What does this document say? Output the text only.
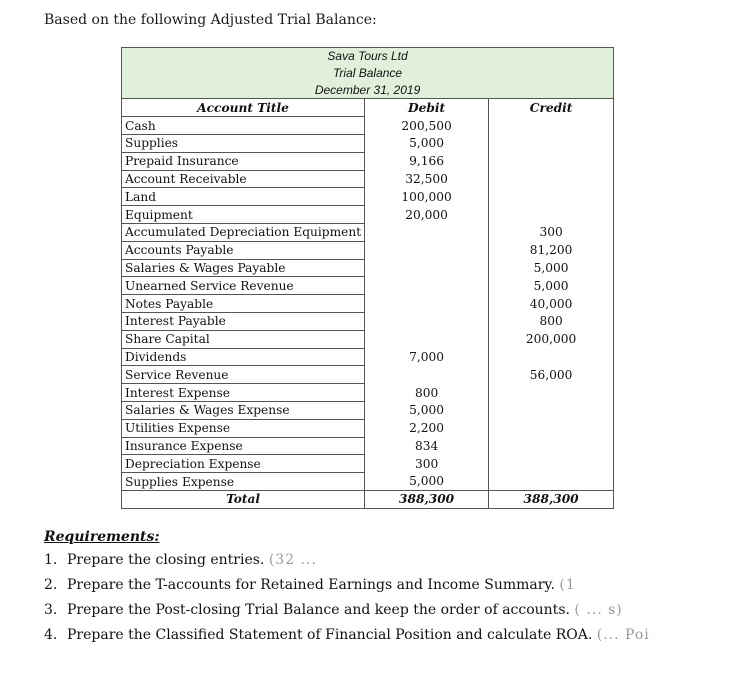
Based on the following Adjusted Trial Balance:
Sava Tours Ltd		
Trial Balance		
December 31, 2019		
Account Title	Debit	Credit
Cash	200,500	
Supplies	5,000	
Prepaid Insurance	9,166	
Account Receivable	32,500	
Land	100,000	
Equipment	20,000	
Accumulated Depreciation Equipment		300
Accounts Payable		81,200
Salaries & Wages Payable		5,000
Unearned Service Revenue		5,000
Notes Payable		40,000
Interest Payable		800
Share Capital		200,000
Dividends	7,000	
Service Revenue		56,000
Interest Expense	800	
Salaries & Wages Expense	5,000	
Utilities Expense	2,200	
Insurance Expense	834	
Depreciation Expense	300	
Supplies Expense	5,000	
Total	388,300	388,300
Requirements:
1. Prepare the closing entries. (32 ...
2. Prepare the T-accounts for Retained Earnings and Income Summary. (1
3. Prepare the Post-closing Trial Balance and keep the order of accounts. ( ... s)
4. Prepare the Classified Statement of Financial Position and calculate ROA. (... Poi
